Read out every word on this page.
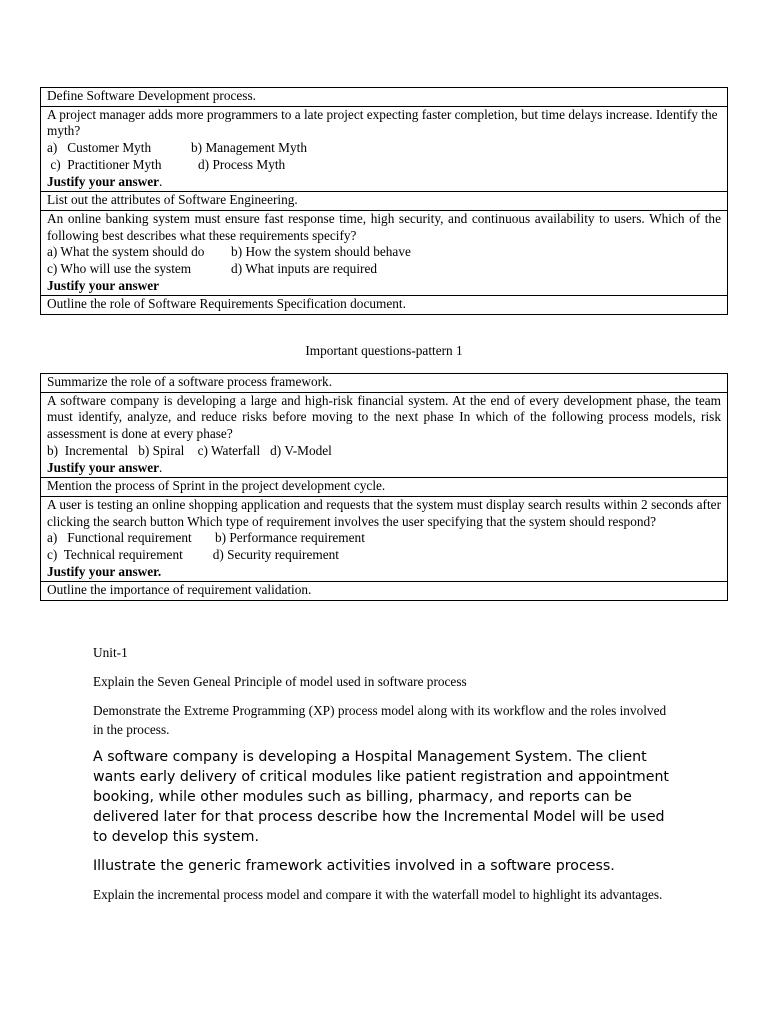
Define Software Development process.

A project manager adds more programmers to a late project expecting faster completion, but time delays increase. Identify the myth?
a)   Customer Myth            b) Management Myth
c)  Practitioner Myth           d) Process Myth
Justify your answer.

List out the attributes of Software Engineering.

An online banking system must ensure fast response time, high security, and continuous availability to users. Which of the following best describes what these requirements specify?
a) What the system should do        b) How the system should behave
c) Who will use the system            d) What inputs are required
Justify your answer

Outline the role of Software Requirements Specification document.
Important questions-pattern 1
Summarize the role of a software process framework.

A software company is developing a large and high-risk financial system. At the end of every development phase, the team must identify, analyze, and reduce risks before moving to the next phase In which of the following process models, risk assessment is done at every phase?
b)  Incremental   b) Spiral    c) Waterfall   d) V-Model
Justify your answer.

Mention the process of Sprint in the project development cycle.

A user is testing an online shopping application and requests that the system must display search results within 2 seconds after clicking the search button Which type of requirement involves the user specifying that the system should respond?
a)   Functional requirement       b) Performance requirement
c)  Technical requirement         d) Security requirement
Justify your answer.

Outline the importance of requirement validation.
Unit-1
Explain the Seven Geneal Principle of model used in software process
Demonstrate the Extreme Programming (XP) process model along with its workflow and the roles involved in the process.
A software company is developing a Hospital Management System. The client wants early delivery of critical modules like patient registration and appointment booking, while other modules such as billing, pharmacy, and reports can be delivered later for that process describe how the Incremental Model will be used to develop this system.
Illustrate the generic framework activities involved in a software process.
Explain the incremental process model and compare it with the waterfall model to highlight its advantages.
